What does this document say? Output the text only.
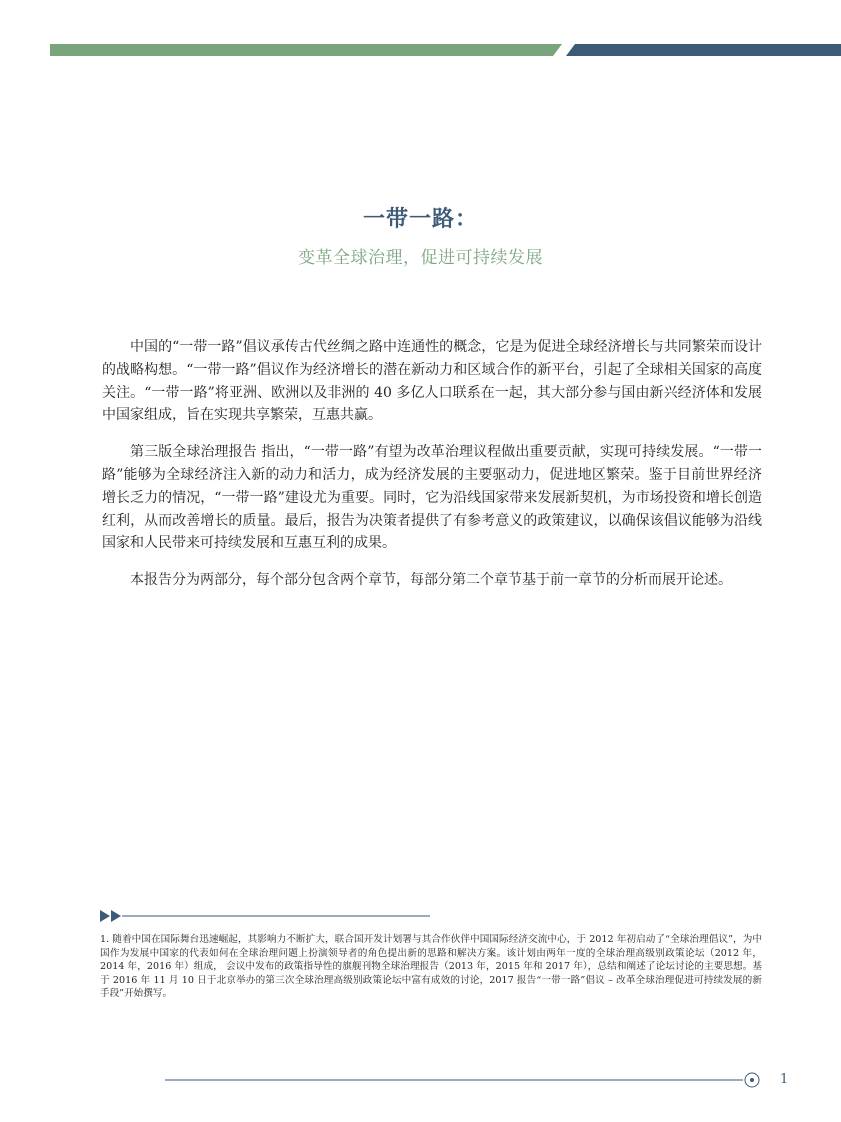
一带一路：
变革全球治理，促进可持续发展

中国的“一带一路”倡议承传古代丝绸之路中连通性的概念，它是为促进全球经济增长与共同繁荣而设计的战略构想。“一带一路”倡议作为经济增长的潜在新动力和区域合作的新平台，引起了全球相关国家的高度关注。“一带一路”将亚洲、欧洲以及非洲的 40 多亿人口联系在一起，其大部分参与国由新兴经济体和发展中国家组成，旨在实现共享繁荣，互惠共赢。

第三版全球治理报告 指出，“一带一路”有望为改革治理议程做出重要贡献，实现可持续发展。“一带一路”能够为全球经济注入新的动力和活力，成为经济发展的主要驱动力，促进地区繁荣。鉴于目前世界经济增长乏力的情况，“一带一路”建设尤为重要。同时，它为沿线国家带来发展新契机，为市场投资和增长创造红利，从而改善增长的质量。最后，报告为决策者提供了有参考意义的政策建议，以确保该倡议能够为沿线国家和人民带来可持续发展和互惠互利的成果。

本报告分为两部分，每个部分包含两个章节，每部分第二个章节基于前一章节的分析而展开论述。

1. 随着中国在国际舞台迅速崛起，其影响力不断扩大，联合国开发计划署与其合作伙伴中国国际经济交流中心，于 2012 年初启动了“全球治理倡议”，为中国作为发展中国家的代表如何在全球治理问题上扮演领导者的角色提出新的思路和解决方案。该计划由两年一度的全球治理高级别政策论坛（2012 年，2014 年，2016 年）组成， 会议中发布的政策指导性的旗舰刊物全球治理报告（2013 年，2015 年和 2017 年），总结和阐述了论坛讨论的主要思想。基于 2016 年 11 月 10 日于北京举办的第三次全球治理高级别政策论坛中富有成效的讨论，2017 报告“一带一路”倡议 – 改革全球治理促进可持续发展的新手段”开始撰写。

1
